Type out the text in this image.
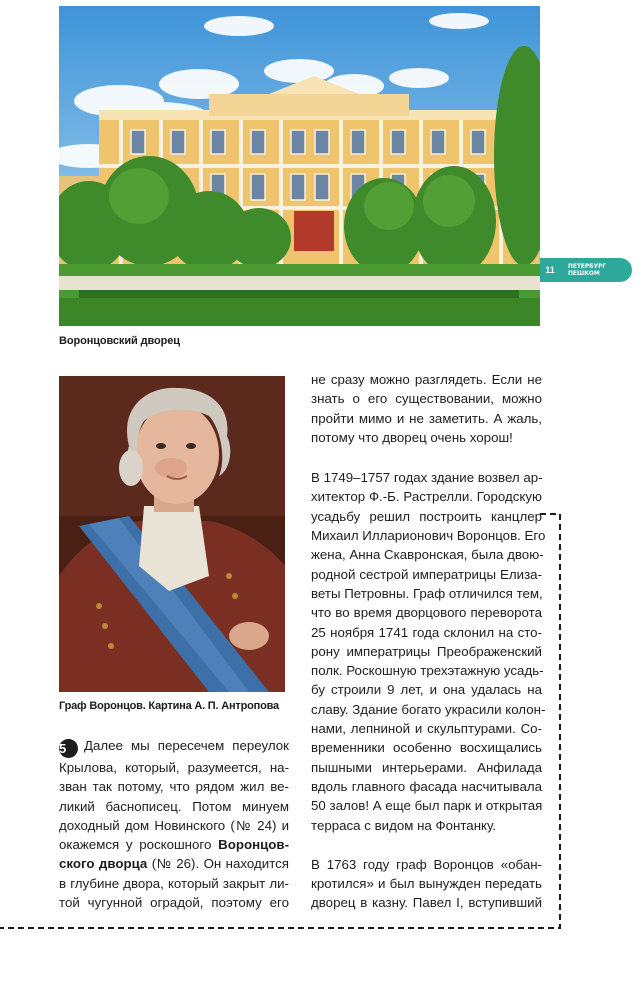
Воронцовский дворец
11	ПЕТЕРБУРГ
ПЕШКОМ
Граф Воронцов. Картина А. П. Антропова
5 Далее мы пересечем переулок
Крылова, который, разумеется, на-
зван так потому, что рядом жил ве-
ликий баснописец. Потом минуем
доходный дом Новинского (№ 24) и
окажемся у роскошного Воронцов-
ского дворца (№ 26). Он находится
в глубине двора, который закрыт ли-
той чугунной оградой, поэтому его
не сразу можно разглядеть. Если не
знать о его существовании, можно
пройти мимо и не заметить. А жаль,
потому что дворец очень хорош!
В 1749–1757 годах здание возвел ар-
хитектор Ф.-Б. Растрелли. Городскую
усадьбу решил построить канцлер
Михаил Илларионович Воронцов. Его
жена, Анна Скавронская, была двою-
родной сестрой императрицы Елиза-
веты Петровны. Граф отличился тем,
что во время дворцового переворота
25 ноября 1741 года склонил на сто-
рону императрицы Преображенский
полк. Роскошную трехэтажную усадь-
бу строили 9 лет, и она удалась на
славу. Здание богато украсили колон-
нами, лепниной и скульптурами. Со-
временники особенно восхищались
пышными интерьерами. Анфилада
вдоль главного фасада насчитывала
50 залов! А еще был парк и открытая
терраса с видом на Фонтанку.
В 1763 году граф Воронцов «обан-
кротился» и был вынужден передать
дворец в казну. Павел I, вступивший
